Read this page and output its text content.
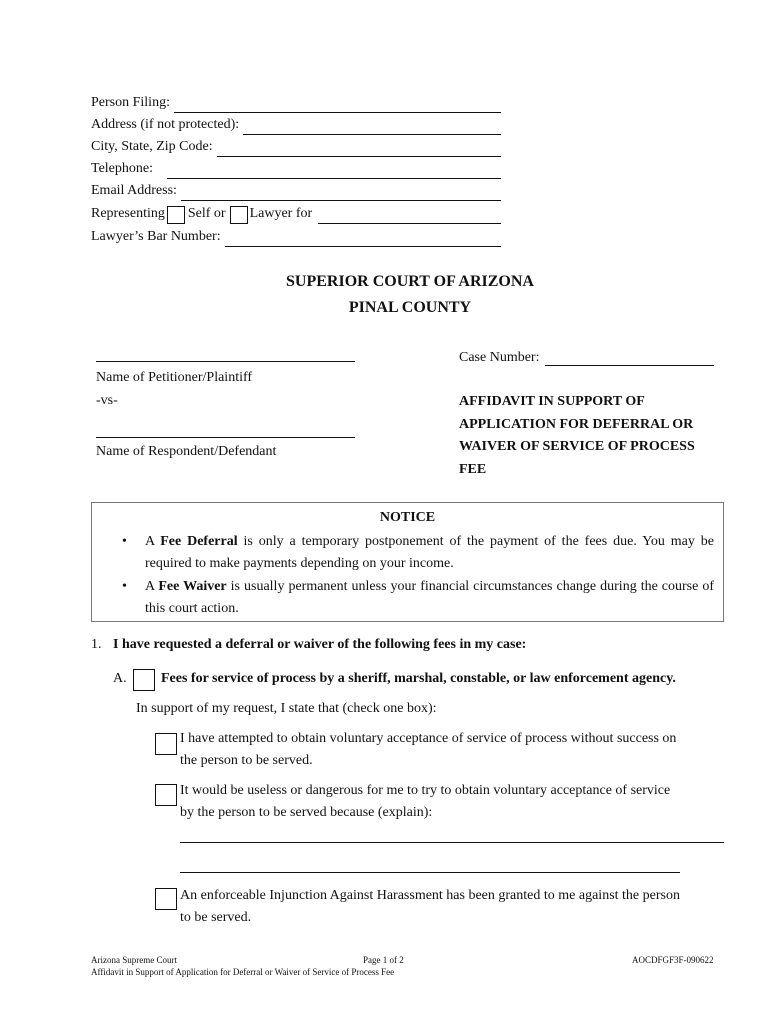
Person Filing:
Address (if not protected):
City, State, Zip Code:
Telephone:
Email Address:
Representing Self or Lawyer for
Lawyer’s Bar Number:
SUPERIOR COURT OF ARIZONA
PINAL COUNTY
Name of Petitioner/Plaintiff
-vs-
Name of Respondent/Defendant
Case Number:
AFFIDAVIT IN SUPPORT OF
APPLICATION FOR DEFERRAL OR
WAIVER OF SERVICE OF PROCESS
FEE
NOTICE
• A Fee Deferral is only a temporary postponement of the payment of the fees due. You may be required to make payments depending on your income.
• A Fee Waiver is usually permanent unless your financial circumstances change during the course of this court action.
1. I have requested a deferral or waiver of the following fees in my case:
A. Fees for service of process by a sheriff, marshal, constable, or law enforcement agency.
In support of my request, I state that (check one box):
I have attempted to obtain voluntary acceptance of service of process without success on
the person to be served.
It would be useless or dangerous for me to try to obtain voluntary acceptance of service
by the person to be served because (explain):
An enforceable Injunction Against Harassment has been granted to me against the person
to be served.
Arizona Supreme Court	Page 1 of 2	AOCDFGF3F-090622
Affidavit in Support of Application for Deferral or Waiver of Service of Process Fee
